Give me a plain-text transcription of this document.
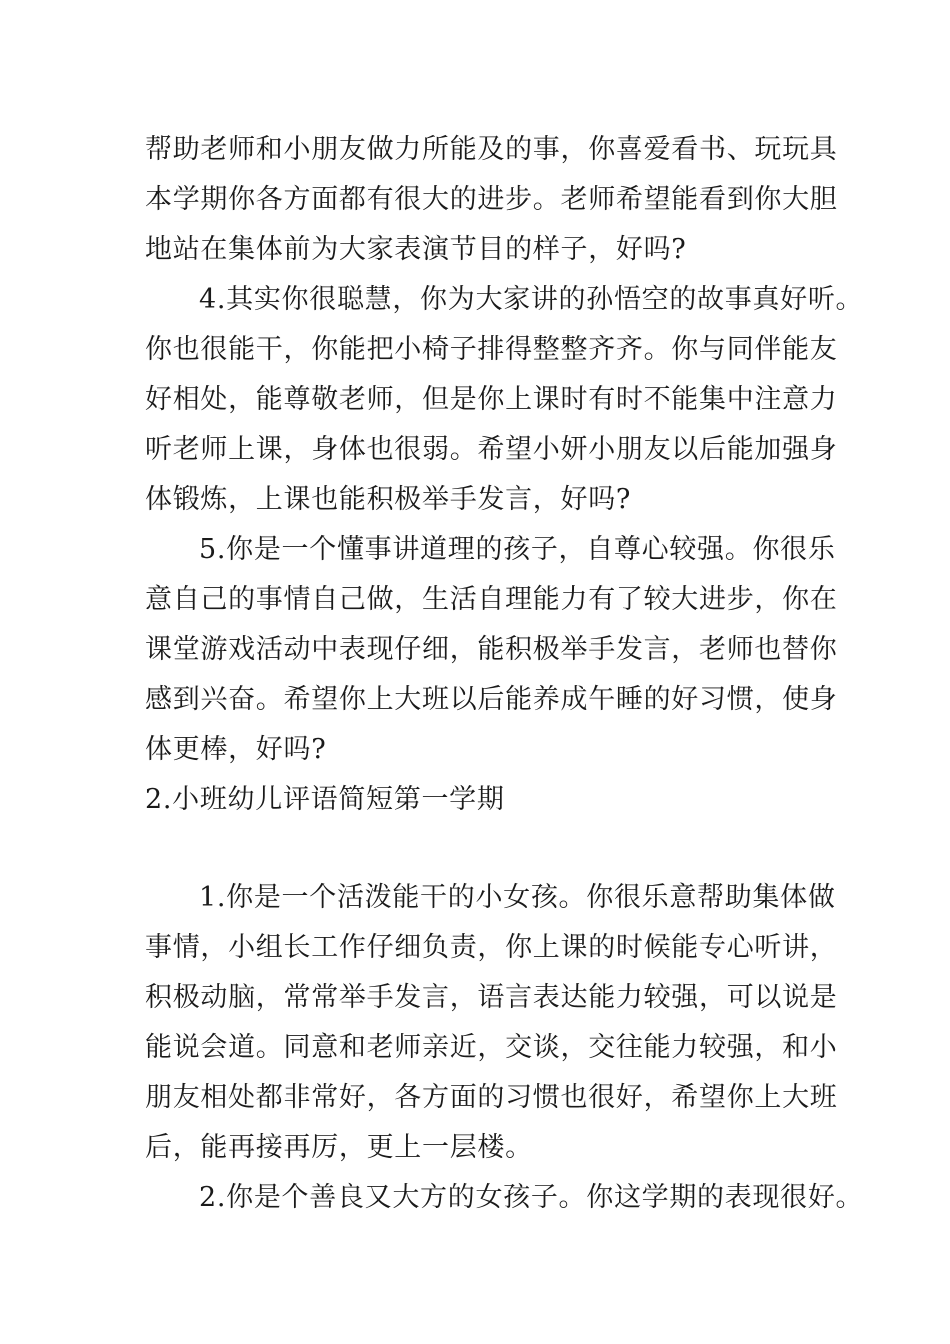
帮助老师和小朋友做力所能及的事，你喜爱看书、玩玩具
本学期你各方面都有很大的进步。老师希望能看到你大胆
地站在集体前为大家表演节目的样子，好吗?
4.其实你很聪慧，你为大家讲的孙悟空的故事真好听。
你也很能干，你能把小椅子排得整整齐齐。你与同伴能友
好相处，能尊敬老师，但是你上课时有时不能集中注意力
听老师上课，身体也很弱。希望小妍小朋友以后能加强身
体锻炼，上课也能积极举手发言，好吗?
5.你是一个懂事讲道理的孩子，自尊心较强。你很乐
意自己的事情自己做，生活自理能力有了较大进步，你在
课堂游戏活动中表现仔细，能积极举手发言，老师也替你
感到兴奋。希望你上大班以后能养成午睡的好习惯，使身
体更棒，好吗?
2.小班幼儿评语简短第一学期
1.你是一个活泼能干的小女孩。你很乐意帮助集体做
事情，小组长工作仔细负责，你上课的时候能专心听讲，
积极动脑，常常举手发言，语言表达能力较强，可以说是
能说会道。同意和老师亲近，交谈，交往能力较强，和小
朋友相处都非常好，各方面的习惯也很好，希望你上大班
后，能再接再厉，更上一层楼。
2.你是个善良又大方的女孩子。你这学期的表现很好。
